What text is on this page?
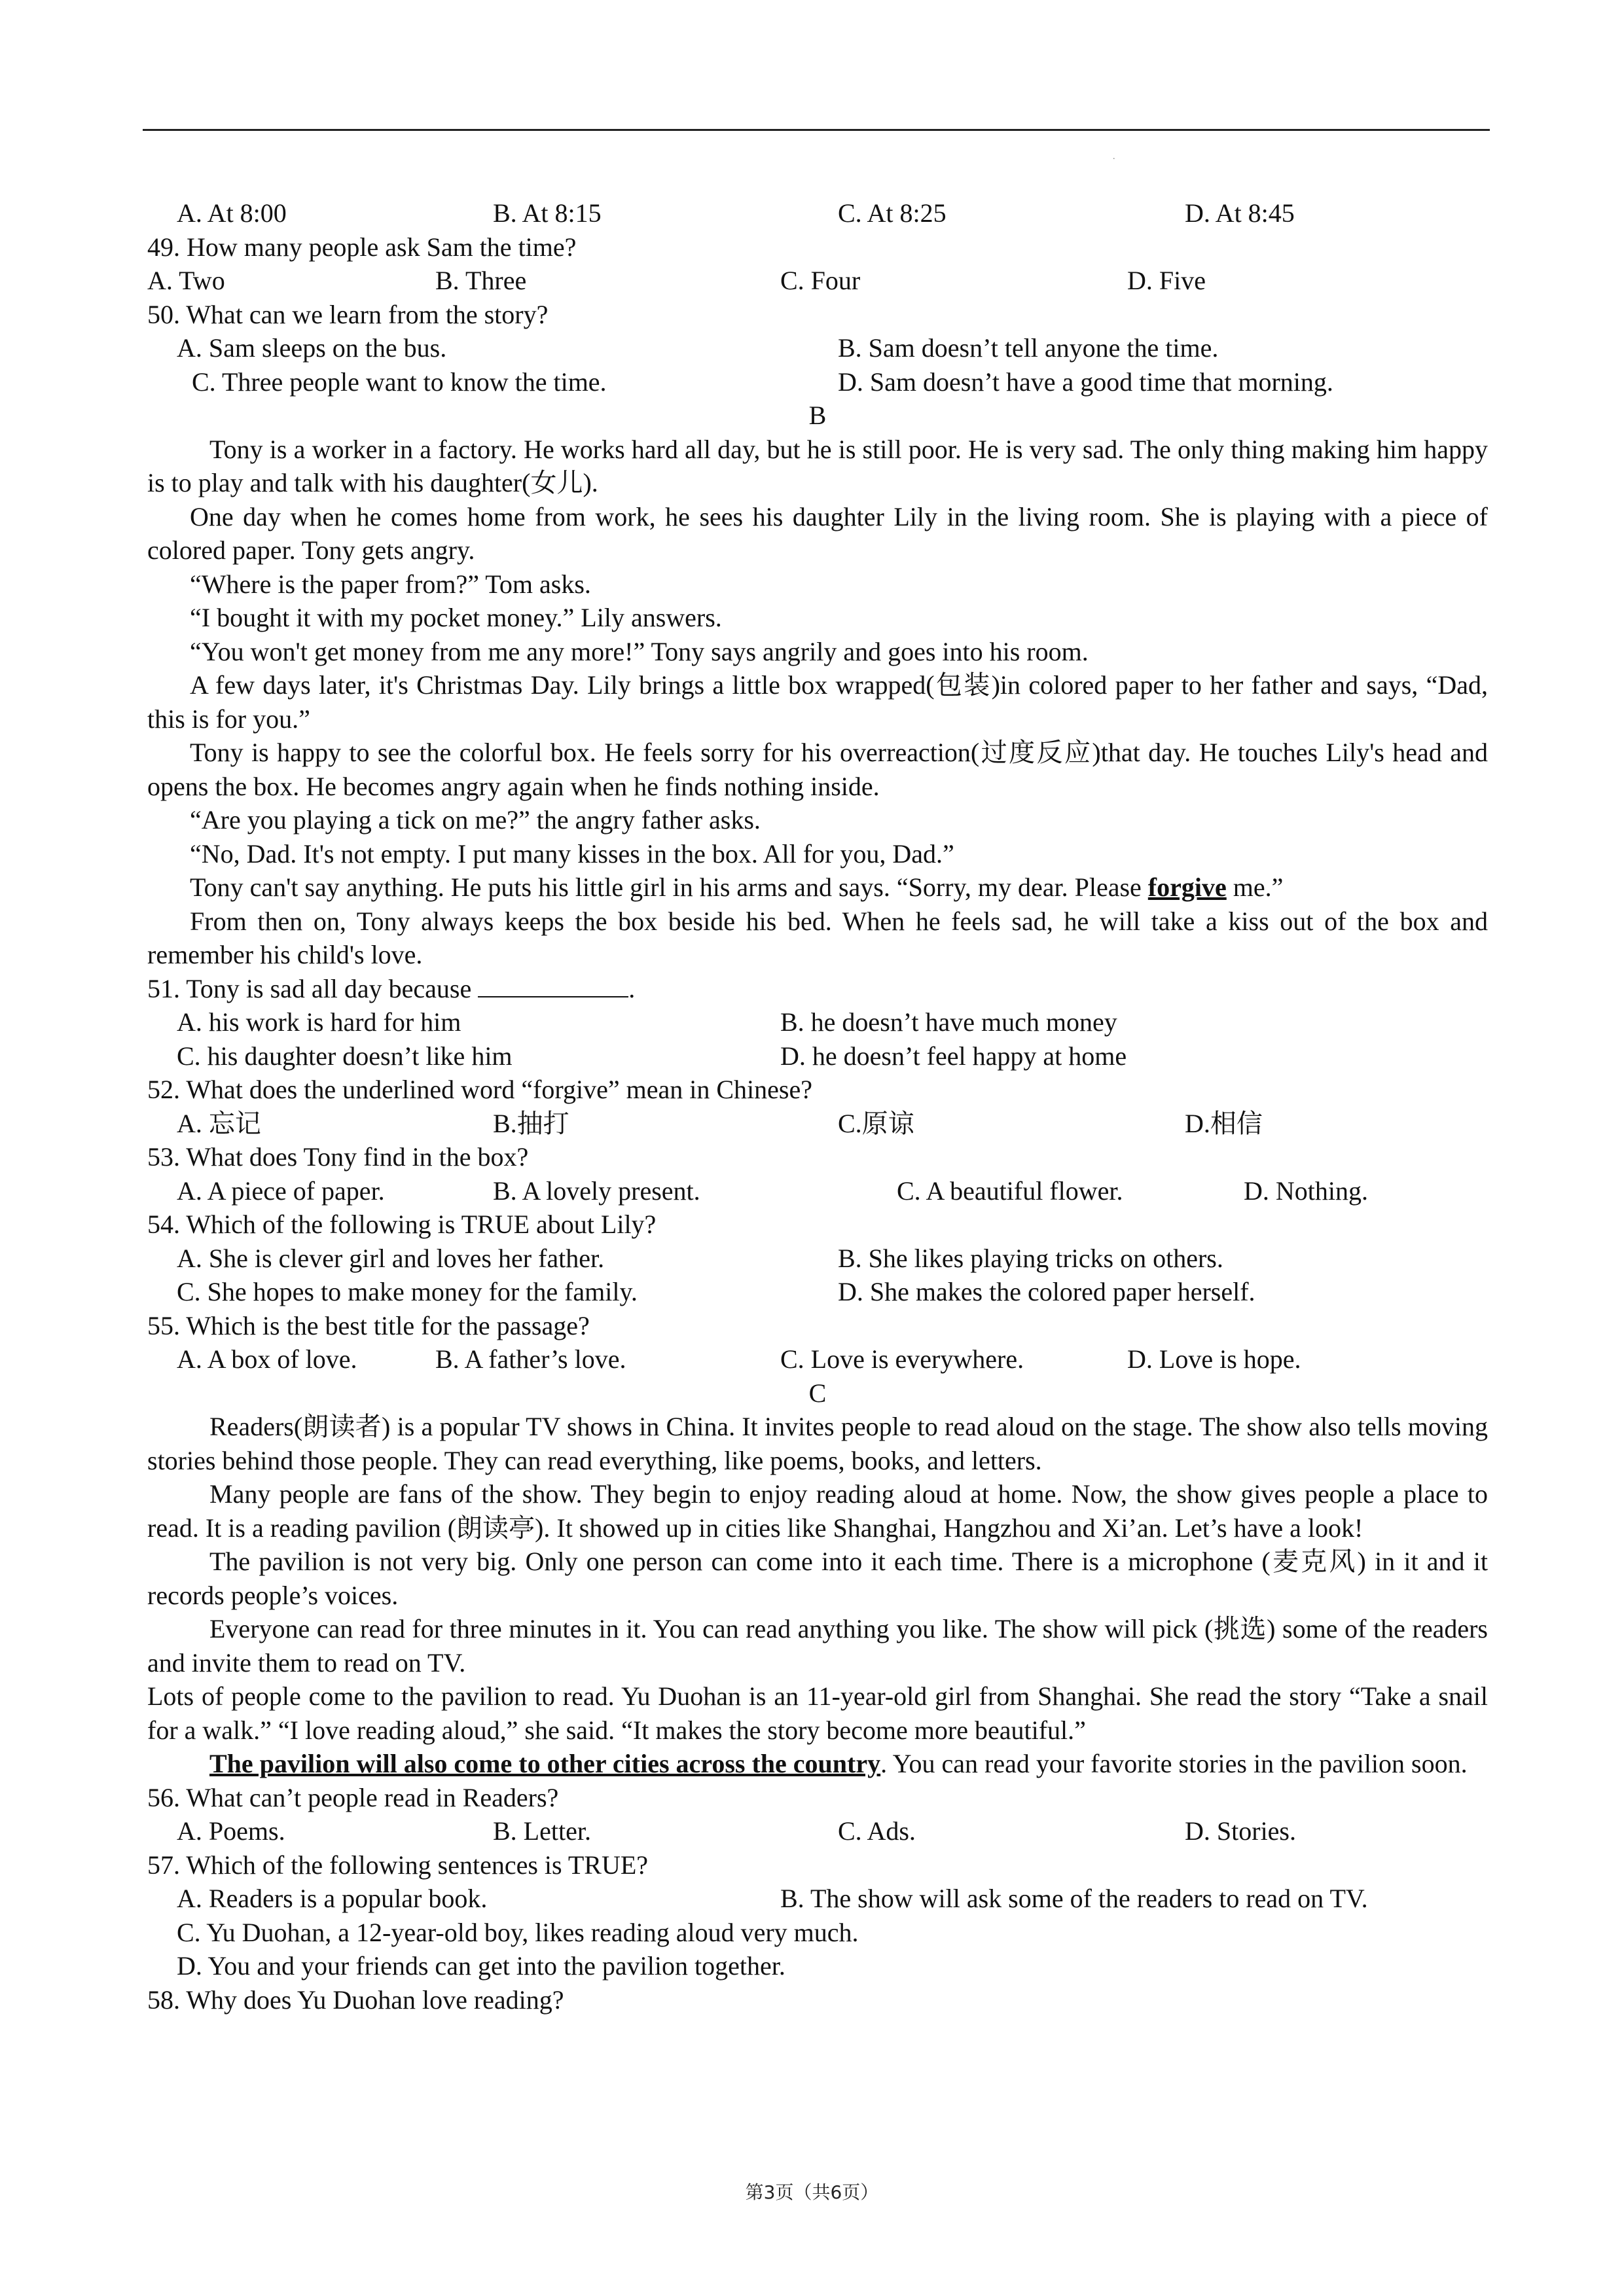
.
A. At 8:00	B. At 8:15	C. At 8:25	D. At 8:45
49. How many people ask Sam the time?
A. Two	B. Three	C. Four	D. Five
50. What can we learn from the story?
A. Sam sleeps on the bus.	B. Sam doesn’t tell anyone the time.
C. Three people want to know the time.	D. Sam doesn’t have a good time that morning.
B

Tony is a worker in a factory. He works hard all day, but he is still poor. He is very sad. The only thing making him happy is to play and talk with his daughter(女儿).

One day when he comes home from work, he sees his daughter Lily in the living room. She is playing with a piece of colored paper. Tony gets angry.

“Where is the paper from?” Tom asks.

“I bought it with my pocket money.” Lily answers.

“You won't get money from me any more!” Tony says angrily and goes into his room.

A few days later, it's Christmas Day. Lily brings a little box wrapped(包装)in colored paper to her father and says, “Dad, this is for you.”

Tony is happy to see the colorful box. He feels sorry for his overreaction(过度反应)that day. He touches Lily's head and opens the box. He becomes angry again when he finds nothing inside.

“Are you playing a tick on me?” the angry father asks.

“No, Dad. It's not empty. I put many kisses in the box. All for you, Dad.”

Tony can't say anything. He puts his little girl in his arms and says. “Sorry, my dear. Please forgive me.”

From then on, Tony always keeps the box beside his bed. When he feels sad, he will take a kiss out of the box and remember his child's love.

51. Tony is sad all day because	.
A. his work is hard for him	B. he doesn’t have much money
C. his daughter doesn’t like him	D. he doesn’t feel happy at home
52. What does the underlined word “forgive” mean in Chinese?
A. 忘记	B.抽打	C.原谅	D.相信
53. What does Tony find in the box?
A. A piece of paper.	B. A lovely present.	C. A beautiful flower.	D. Nothing.
54. Which of the following is TRUE about Lily?
A. She is clever girl and loves her father.	B. She likes playing tricks on others.
C. She hopes to make money for the family.	D. She makes the colored paper herself.
55. Which is the best title for the passage?
A. A box of love.	B. A father’s love.	C. Love is everywhere.	D. Love is hope.
C

Readers(朗读者) is a popular TV shows in China. It invites people to read aloud on the stage. The show also tells moving stories behind those people. They can read everything, like poems, books, and letters.

Many people are fans of the show. They begin to enjoy reading aloud at home. Now, the show gives people a place to read. It is a reading pavilion (朗读亭). It showed up in cities like Shanghai, Hangzhou and Xi’an. Let’s have a look!

The pavilion is not very big. Only one person can come into it each time. There is a microphone (麦克风) in it and it records people’s voices.

Everyone can read for three minutes in it. You can read anything you like. The show will pick (挑选) some of the readers and invite them to read on TV.

Lots of people come to the pavilion to read. Yu Duohan is an 11-year-old girl from Shanghai. She read the story “Take a snail for a walk.” “I love reading aloud,” she said. “It makes the story become more beautiful.”

The pavilion will also come to other cities across the country. You can read your favorite stories in the pavilion soon.

56. What can’t people read in Readers?
A. Poems.	B. Letter.	C. Ads.	D. Stories.
57. Which of the following sentences is TRUE?
A. Readers is a popular book.	B. The show will ask some of the readers to read on TV.
C. Yu Duohan, a 12-year-old boy, likes reading aloud very much.
D. You and your friends can get into the pavilion together.
58. Why does Yu Duohan love reading?
第3页（共6页）
